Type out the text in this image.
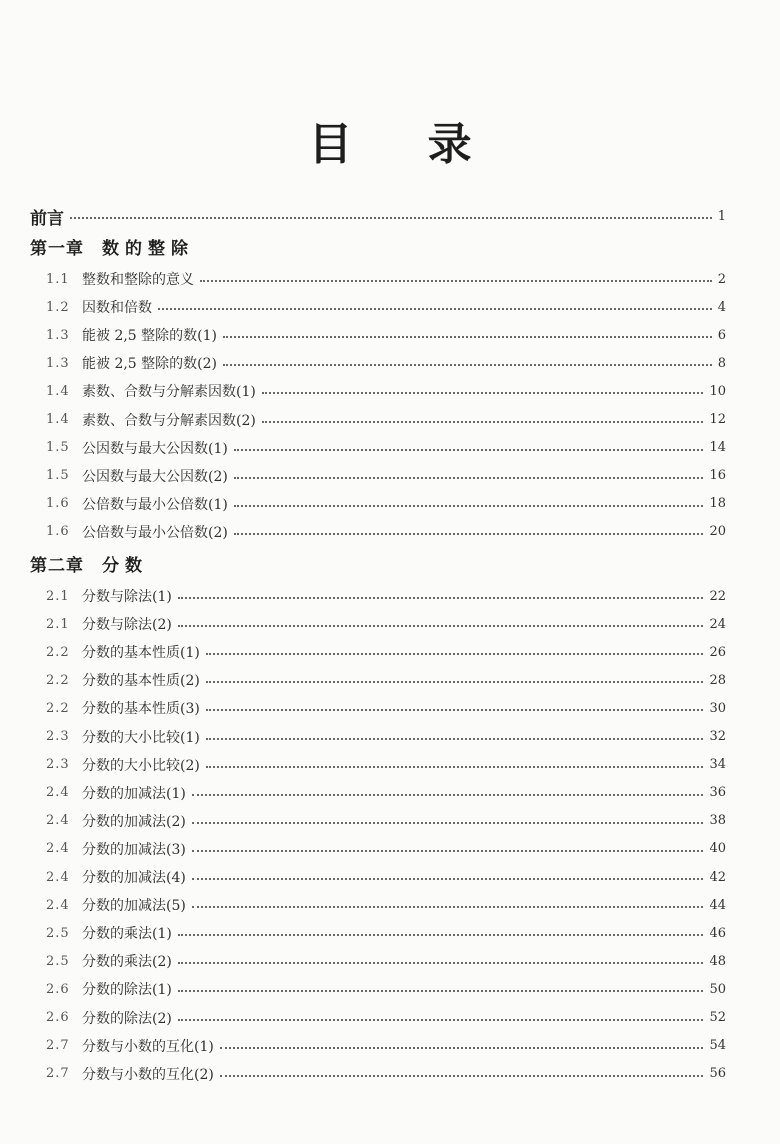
目 录
前言	1
第一章 数的整除
1.1 整数和整除的意义	2
1.2 因数和倍数	4
1.3 能被 2,5 整除的数(1)	6
1.3 能被 2,5 整除的数(2)	8
1.4 素数、合数与分解素因数(1)	10
1.4 素数、合数与分解素因数(2)	12
1.5 公因数与最大公因数(1)	14
1.5 公因数与最大公因数(2)	16
1.6 公倍数与最小公倍数(1)	18
1.6 公倍数与最小公倍数(2)	20
第二章 分数
2.1 分数与除法(1)	22
2.1 分数与除法(2)	24
2.2 分数的基本性质(1)	26
2.2 分数的基本性质(2)	28
2.2 分数的基本性质(3)	30
2.3 分数的大小比较(1)	32
2.3 分数的大小比较(2)	34
2.4 分数的加减法(1)	36
2.4 分数的加减法(2)	38
2.4 分数的加减法(3)	40
2.4 分数的加减法(4)	42
2.4 分数的加减法(5)	44
2.5 分数的乘法(1)	46
2.5 分数的乘法(2)	48
2.6 分数的除法(1)	50
2.6 分数的除法(2)	52
2.7 分数与小数的互化(1)	54
2.7 分数与小数的互化(2)	56
